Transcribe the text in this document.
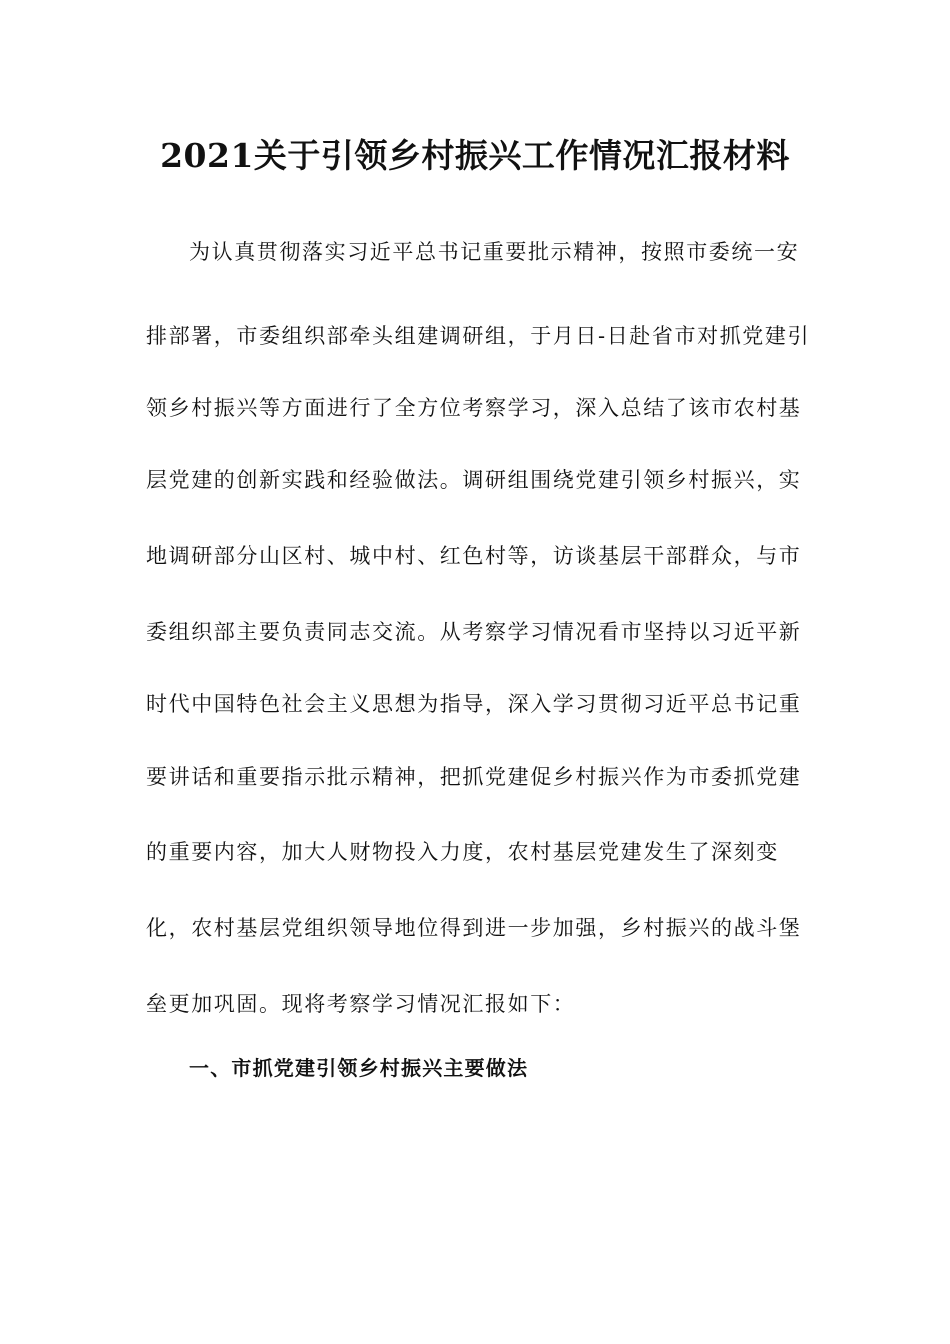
2021关于引领乡村振兴工作情况汇报材料
为认真贯彻落实习近平总书记重要批示精神，按照市委统一安
排部署，市委组织部牵头组建调研组，于月日-日赴省市对抓党建引
领乡村振兴等方面进行了全方位考察学习，深入总结了该市农村基
层党建的创新实践和经验做法。调研组围绕党建引领乡村振兴，实
地调研部分山区村、城中村、红色村等，访谈基层干部群众，与市
委组织部主要负责同志交流。从考察学习情况看市坚持以习近平新
时代中国特色社会主义思想为指导，深入学习贯彻习近平总书记重
要讲话和重要指示批示精神，把抓党建促乡村振兴作为市委抓党建
的重要内容，加大人财物投入力度，农村基层党建发生了深刻变
化，农村基层党组织领导地位得到进一步加强，乡村振兴的战斗堡
垒更加巩固。现将考察学习情况汇报如下：
一、市抓党建引领乡村振兴主要做法
